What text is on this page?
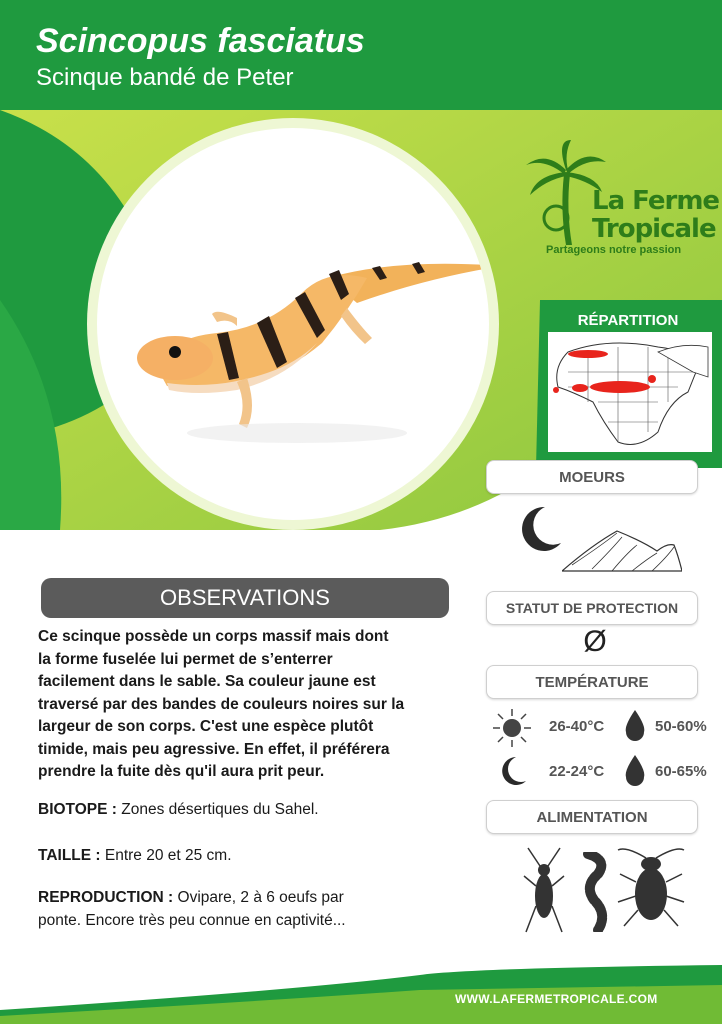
Scincopus fasciatus
Scinque bandé de Peter
La Ferme
Tropicale
Partageons notre passion
RÉPARTITION
MOEURS
STATUT DE PROTECTION
Ø
TEMPÉRATURE
26-40°C	50-60%
22-24°C	60-65%
ALIMENTATION
OBSERVATIONS
Ce scinque possède un corps massif mais dont
la forme fuselée lui permet de s’enterrer
facilement dans le sable. Sa couleur jaune est
traversé par des bandes de couleurs noires sur la
largeur de son corps. C'est une espèce plutôt
timide, mais peu agressive. En effet, il préférera
prendre la fuite dès qu'il aura prit peur.
BIOTOPE : Zones désertiques du Sahel.
TAILLE : Entre 20 et 25 cm.
REPRODUCTION : Ovipare, 2 à 6 oeufs par
ponte. Encore très peu connue en captivité...
WWW.LAFERMETROPICALE.COM
